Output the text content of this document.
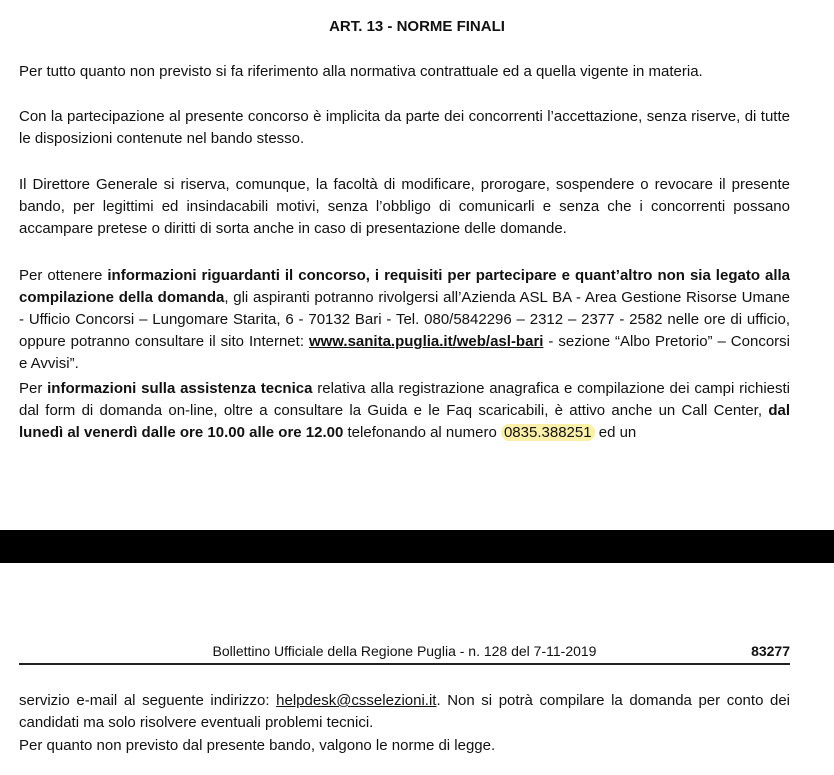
ART. 13 - NORME FINALI

Per tutto quanto non previsto si fa riferimento alla normativa contrattuale ed a quella vigente in materia.

Con la partecipazione al presente concorso è implicita da parte dei concorrenti l’accettazione, senza riserve, di tutte le disposizioni contenute nel bando stesso.

Il Direttore Generale si riserva, comunque, la facoltà di modificare, prorogare, sospendere o revocare il presente bando, per legittimi ed insindacabili motivi, senza l’obbligo di comunicarli e senza che i concorrenti possano accampare pretese o diritti di sorta anche in caso di presentazione delle domande.

Per ottenere informazioni riguardanti il concorso, i requisiti per partecipare e quant’altro non sia legato alla compilazione della domanda, gli aspiranti potranno rivolgersi all’Azienda ASL BA - Area Gestione Risorse Umane - Ufficio Concorsi – Lungomare Starita, 6 - 70132 Bari - Tel. 080/5842296 – 2312 – 2377 - 2582 nelle ore di ufficio, oppure potranno consultare il sito Internet: www.sanita.puglia.it/web/asl-bari - sezione “Albo Pretorio” – Concorsi e Avvisi”.

Per informazioni sulla assistenza tecnica relativa alla registrazione anagrafica e compilazione dei campi richiesti dal form di domanda on-line, oltre a consultare la Guida e le Faq scaricabili, è attivo anche un Call Center, dal lunedì al venerdì dalle ore 10.00 alle ore 12.00 telefonando al numero 0835.388251 ed un

Bollettino Ufficiale della Regione Puglia - n. 128 del 7-11-2019	83277

servizio e-mail al seguente indirizzo: helpdesk@csselezioni.it. Non si potrà compilare la domanda per conto dei candidati ma solo risolvere eventuali problemi tecnici.

Per quanto non previsto dal presente bando, valgono le norme di legge.
